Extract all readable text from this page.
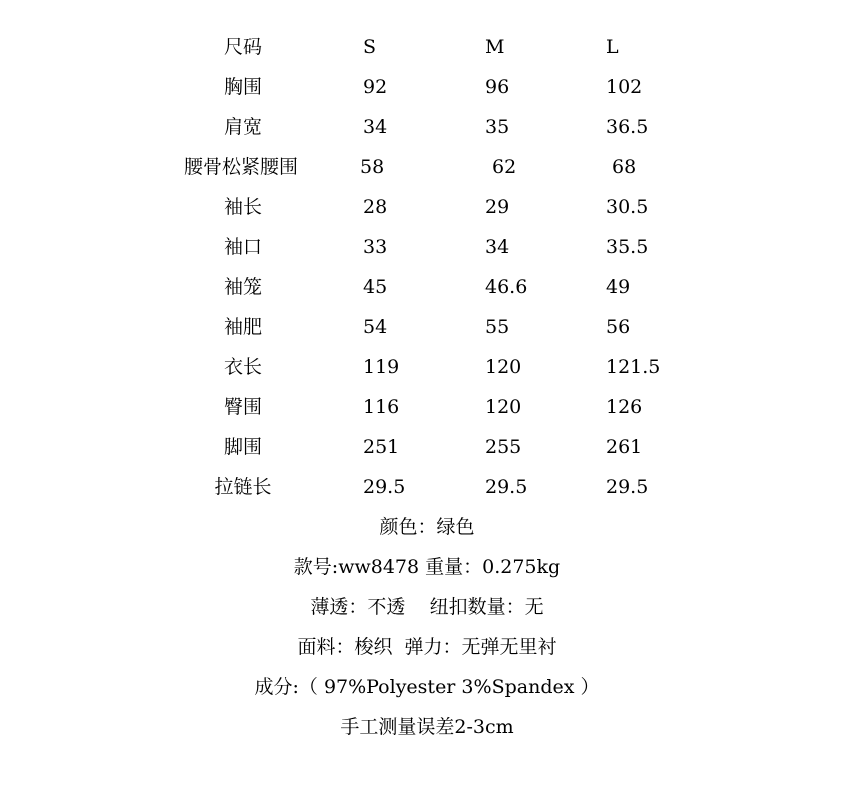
尺码	S	M	L
胸围	92	96	102
肩宽	34	35	36.5
腰骨松紧腰围	58	62	68
袖长	28	29	30.5
袖口	33	34	35.5
袖笼	45	46.6	49
袖肥	54	55	56
衣长	119	120	121.5
臀围	116	120	126
脚围	251	255	261
拉链长	29.5	29.5	29.5
颜色：绿色
款号:ww8478 重量：0.275kg
薄透：不透    纽扣数量：无
面料：梭织  弹力：无弹无里衬
成分:（ 97%Polyester 3%Spandex ）
手工测量误差2-3cm
